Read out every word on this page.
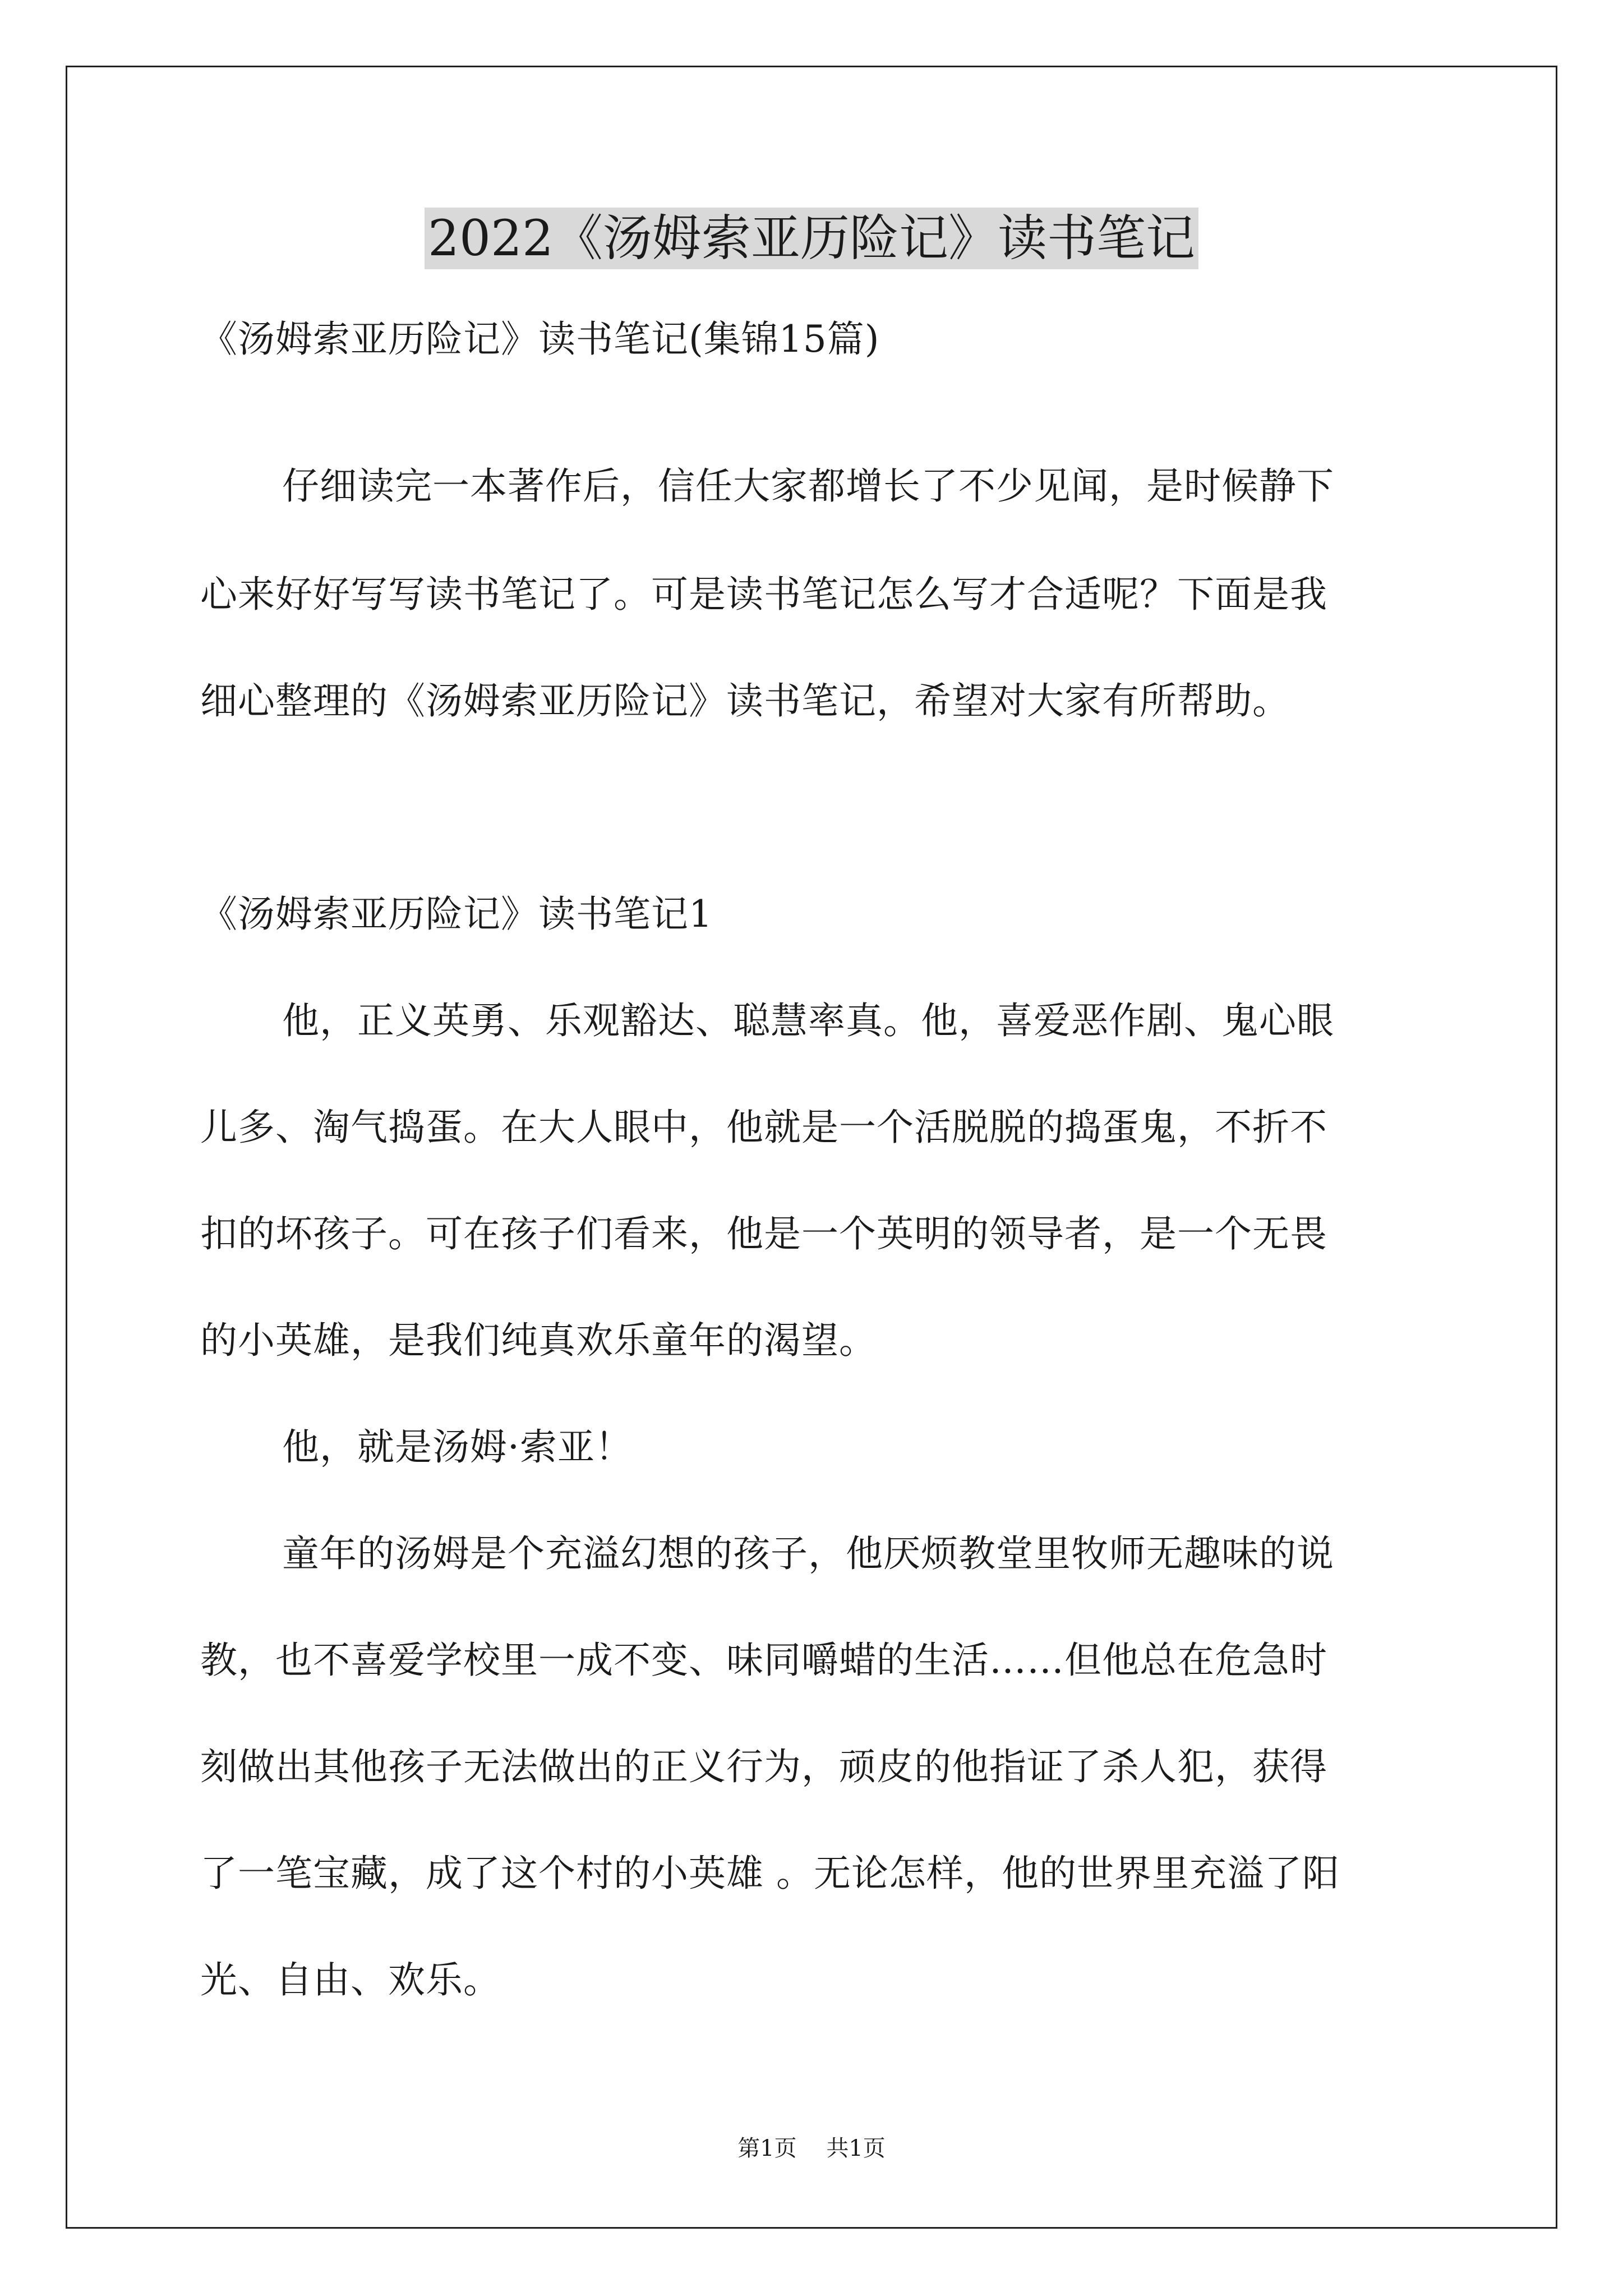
2022《汤姆索亚历险记》读书笔记
《汤姆索亚历险记》读书笔记(集锦15篇)
仔细读完一本著作后，信任大家都增长了不少见闻，是时候静下
心来好好写写读书笔记了。可是读书笔记怎么写才合适呢？下面是我
细心整理的《汤姆索亚历险记》读书笔记，希望对大家有所帮助。
《汤姆索亚历险记》读书笔记1
他，正义英勇、乐观豁达、聪慧率真。他，喜爱恶作剧、鬼心眼
儿多、淘气捣蛋。在大人眼中，他就是一个活脱脱的捣蛋鬼，不折不
扣的坏孩子。可在孩子们看来，他是一个英明的领导者，是一个无畏
的小英雄，是我们纯真欢乐童年的渴望。
他，就是汤姆·索亚！
童年的汤姆是个充溢幻想的孩子，他厌烦教堂里牧师无趣味的说
教，也不喜爱学校里一成不变、味同嚼蜡的生活……但他总在危急时
刻做出其他孩子无法做出的正义行为，顽皮的他指证了杀人犯，获得
了一笔宝藏，成了这个村的小英雄 。无论怎样，他的世界里充溢了阳
光、自由、欢乐。
第1页 共1页
